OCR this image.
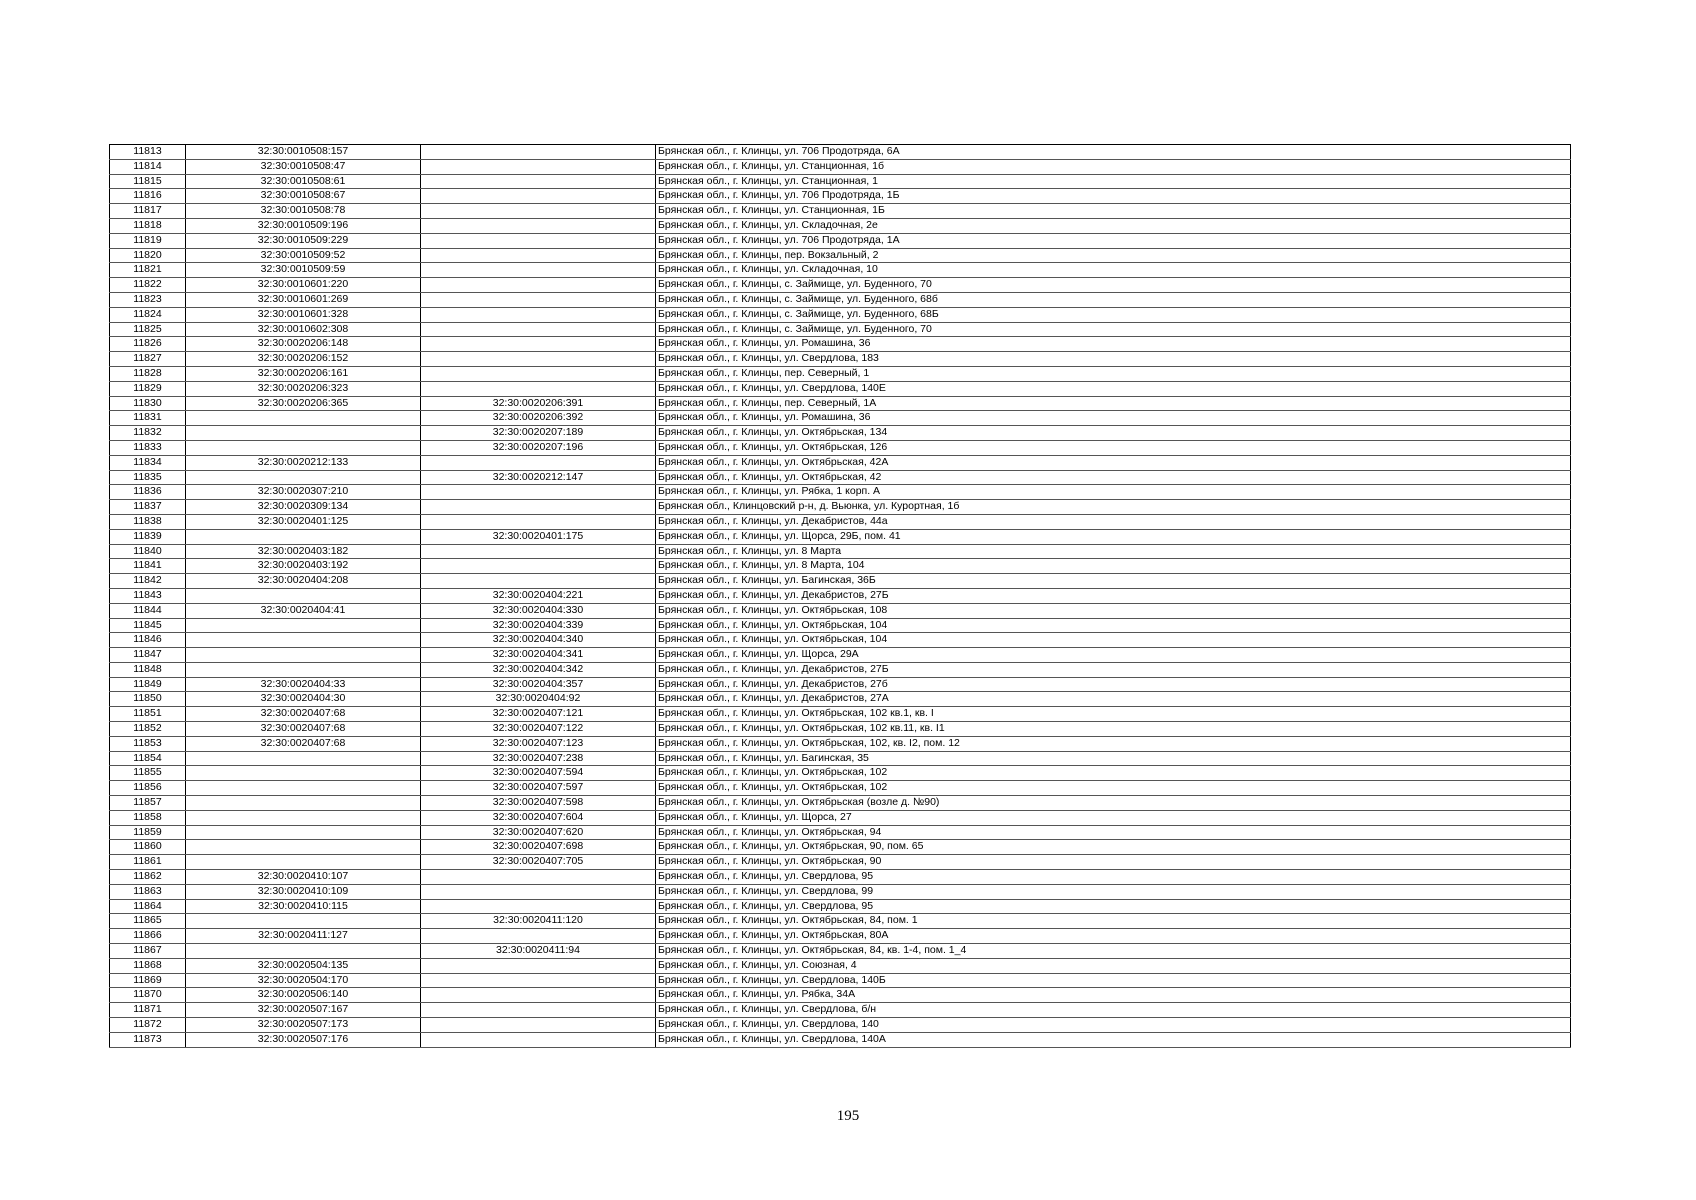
11813	32:30:0010508:157		Брянская обл., г. Клинцы, ул. 706 Продотряда, 6А
11814	32:30:0010508:47		Брянская обл., г. Клинцы, ул. Станционная, 1б
11815	32:30:0010508:61		Брянская обл., г. Клинцы, ул. Станционная, 1
11816	32:30:0010508:67		Брянская обл., г. Клинцы, ул. 706 Продотряда, 1Б
11817	32:30:0010508:78		Брянская обл., г. Клинцы, ул. Станционная, 1Б
11818	32:30:0010509:196		Брянская обл., г. Клинцы, ул. Складочная, 2е
11819	32:30:0010509:229		Брянская обл., г. Клинцы, ул. 706 Продотряда, 1А
11820	32:30:0010509:52		Брянская обл., г. Клинцы, пер. Вокзальный, 2
11821	32:30:0010509:59		Брянская обл., г. Клинцы, ул. Складочная, 10
11822	32:30:0010601:220		Брянская обл., г. Клинцы, с. Займище, ул. Буденного, 70
11823	32:30:0010601:269		Брянская обл., г. Клинцы, с. Займище, ул. Буденного, 68б
11824	32:30:0010601:328		Брянская обл., г. Клинцы, с. Займище, ул. Буденного, 68Б
11825	32:30:0010602:308		Брянская обл., г. Клинцы, с. Займище, ул. Буденного, 70
11826	32:30:0020206:148		Брянская обл., г. Клинцы, ул. Ромашина, 36
11827	32:30:0020206:152		Брянская обл., г. Клинцы, ул. Свердлова, 183
11828	32:30:0020206:161		Брянская обл., г. Клинцы, пер. Северный, 1
11829	32:30:0020206:323		Брянская обл., г. Клинцы, ул. Свердлова, 140Е
11830	32:30:0020206:365	32:30:0020206:391	Брянская обл., г. Клинцы, пер. Северный, 1А
11831		32:30:0020206:392	Брянская обл., г. Клинцы, ул. Ромашина, 36
11832		32:30:0020207:189	Брянская обл., г. Клинцы, ул. Октябрьская, 134
11833		32:30:0020207:196	Брянская обл., г. Клинцы, ул. Октябрьская, 126
11834	32:30:0020212:133		Брянская обл., г. Клинцы, ул. Октябрьская, 42А
11835		32:30:0020212:147	Брянская обл., г. Клинцы, ул. Октябрьская, 42
11836	32:30:0020307:210		Брянская обл., г. Клинцы, ул. Рябка, 1 корп. А
11837	32:30:0020309:134		Брянская обл., Клинцовский р-н, д. Вьюнка, ул. Курортная, 1б
11838	32:30:0020401:125		Брянская обл., г. Клинцы, ул. Декабристов, 44а
11839		32:30:0020401:175	Брянская обл., г. Клинцы, ул. Щорса, 29Б, пом. 41
11840	32:30:0020403:182		Брянская обл., г. Клинцы, ул. 8 Марта
11841	32:30:0020403:192		Брянская обл., г. Клинцы, ул. 8 Марта, 104
11842	32:30:0020404:208		Брянская обл., г. Клинцы, ул. Багинская, 36Б
11843		32:30:0020404:221	Брянская обл., г. Клинцы, ул. Декабристов, 27Б
11844	32:30:0020404:41	32:30:0020404:330	Брянская обл., г. Клинцы, ул. Октябрьская, 108
11845		32:30:0020404:339	Брянская обл., г. Клинцы, ул. Октябрьская, 104
11846		32:30:0020404:340	Брянская обл., г. Клинцы, ул. Октябрьская, 104
11847		32:30:0020404:341	Брянская обл., г. Клинцы, ул. Щорса, 29А
11848		32:30:0020404:342	Брянская обл., г. Клинцы, ул. Декабристов, 27Б
11849	32:30:0020404:33	32:30:0020404:357	Брянская обл., г. Клинцы, ул. Декабристов, 27б
11850	32:30:0020404:30	32:30:0020404:92	Брянская обл., г. Клинцы, ул. Декабристов, 27А
11851	32:30:0020407:68	32:30:0020407:121	Брянская обл., г. Клинцы, ул. Октябрьская, 102 кв.1, кв. I
11852	32:30:0020407:68	32:30:0020407:122	Брянская обл., г. Клинцы, ул. Октябрьская, 102 кв.11, кв. I1
11853	32:30:0020407:68	32:30:0020407:123	Брянская обл., г. Клинцы, ул. Октябрьская, 102, кв. I2, пом. 12
11854		32:30:0020407:238	Брянская обл., г. Клинцы, ул. Багинская, 35
11855		32:30:0020407:594	Брянская обл., г. Клинцы, ул. Октябрьская, 102
11856		32:30:0020407:597	Брянская обл., г. Клинцы, ул. Октябрьская, 102
11857		32:30:0020407:598	Брянская обл., г. Клинцы, ул. Октябрьская (возле д. №90)
11858		32:30:0020407:604	Брянская обл., г. Клинцы, ул. Щорса, 27
11859		32:30:0020407:620	Брянская обл., г. Клинцы, ул. Октябрьская, 94
11860		32:30:0020407:698	Брянская обл., г. Клинцы, ул. Октябрьская, 90, пом. 65
11861		32:30:0020407:705	Брянская обл., г. Клинцы, ул. Октябрьская, 90
11862	32:30:0020410:107		Брянская обл., г. Клинцы, ул. Свердлова, 95
11863	32:30:0020410:109		Брянская обл., г. Клинцы, ул. Свердлова, 99
11864	32:30:0020410:115		Брянская обл., г. Клинцы, ул. Свердлова, 95
11865		32:30:0020411:120	Брянская обл., г. Клинцы, ул. Октябрьская, 84, пом. 1
11866	32:30:0020411:127		Брянская обл., г. Клинцы, ул. Октябрьская, 80А
11867		32:30:0020411:94	Брянская обл., г. Клинцы, ул. Октябрьская, 84, кв. 1-4, пом. 1_4
11868	32:30:0020504:135		Брянская обл., г. Клинцы, ул. Союзная, 4
11869	32:30:0020504:170		Брянская обл., г. Клинцы, ул. Свердлова, 140Б
11870	32:30:0020506:140		Брянская обл., г. Клинцы, ул. Рябка, 34А
11871	32:30:0020507:167		Брянская обл., г. Клинцы, ул. Свердлова, б/н
11872	32:30:0020507:173		Брянская обл., г. Клинцы, ул. Свердлова, 140
11873	32:30:0020507:176		Брянская обл., г. Клинцы, ул. Свердлова, 140А
195
